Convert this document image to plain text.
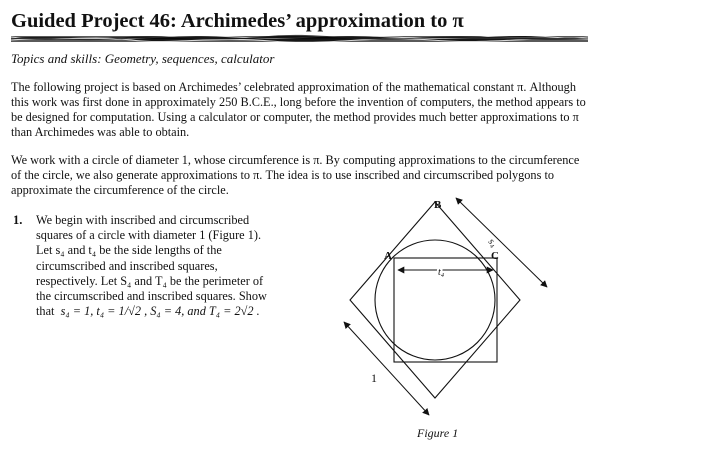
Guided Project 46: Archimedes’ approximation to π
Topics and skills: Geometry, sequences, calculator

The following project is based on Archimedes’ celebrated approximation of the mathematical constant π. Although this work was first done in approximately 250 B.C.E., long before the invention of computers, the method appears to be designed for computation. Using a calculator or computer, the method provides much better approximations to π than Archimedes was able to obtain.

We work with a circle of diameter 1, whose circumference is π. By computing approximations to the circumference of the circle, we also generate approximations to π. The idea is to use inscribed and circumscribed polygons to approximate the circumference of the circle.

1. We begin with inscribed and circumscribed
squares of a circle with diameter 1 (Figure 1).
Let s₄ and t₄ be the side lengths of the
circumscribed and inscribed squares,
respectively. Let S₄ and T₄ be the perimeter of
the circumscribed and inscribed squares. Show
that s₄ = 1, t₄ = 1/√2 , S₄ = 4, and T₄ = 2√2 .
B
A	C
s₄
t₄
1
Figure 1
